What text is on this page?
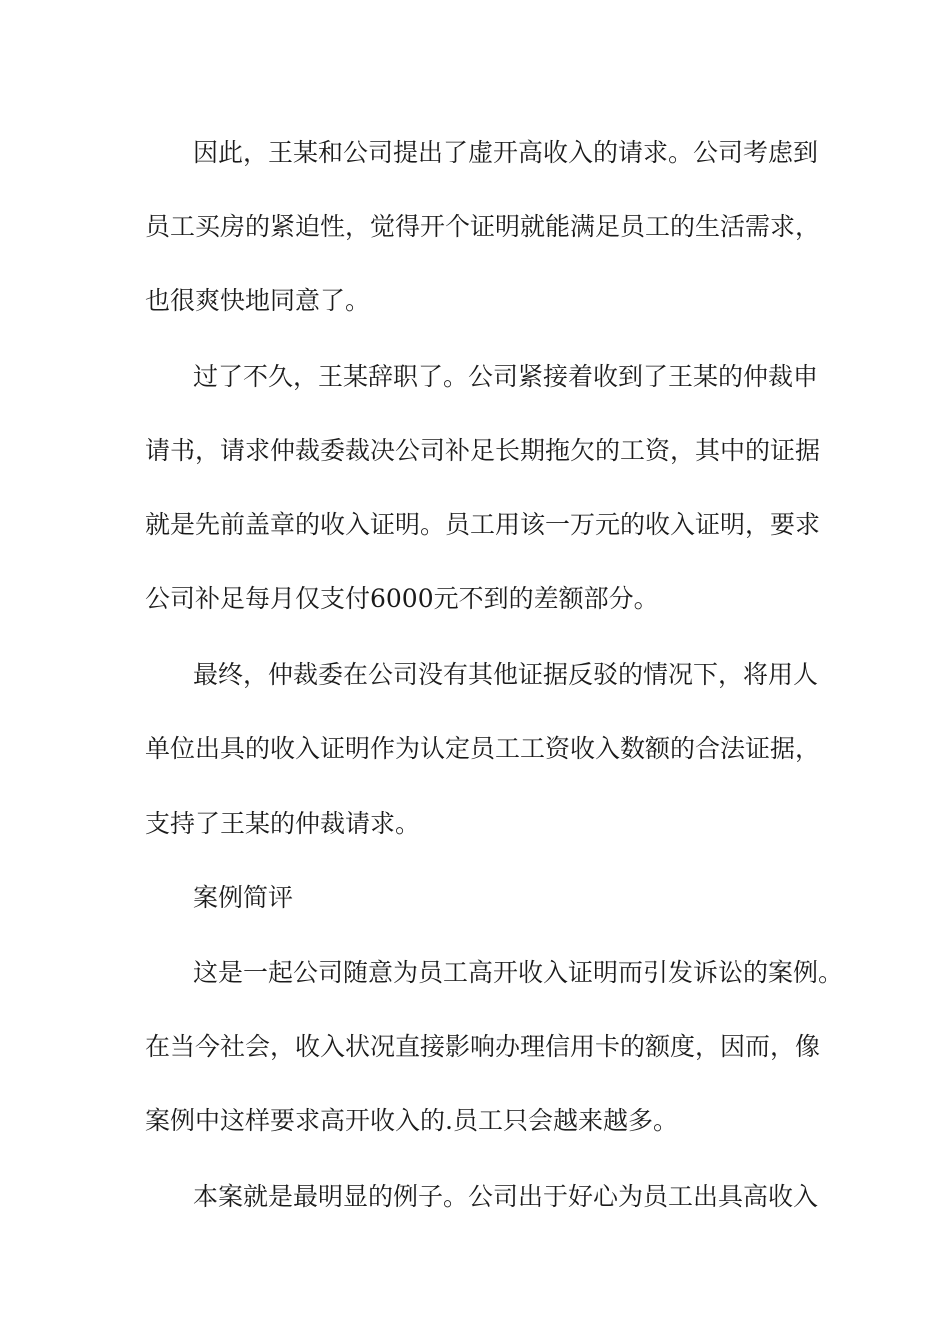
因此，王某和公司提出了虚开高收入的请求。公司考虑到
员工买房的紧迫性，觉得开个证明就能满足员工的生活需求，
也很爽快地同意了。
过了不久，王某辞职了。公司紧接着收到了王某的仲裁申
请书，请求仲裁委裁决公司补足长期拖欠的工资，其中的证据
就是先前盖章的收入证明。员工用该一万元的收入证明，要求
公司补足每月仅支付6000元不到的差额部分。
最终，仲裁委在公司没有其他证据反驳的情况下，将用人
单位出具的收入证明作为认定员工工资收入数额的合法证据，
支持了王某的仲裁请求。
案例简评
这是一起公司随意为员工高开收入证明而引发诉讼的案例。
在当今社会，收入状况直接影响办理信用卡的额度，因而，像
案例中这样要求高开收入的.员工只会越来越多。
本案就是最明显的例子。公司出于好心为员工出具高收入
